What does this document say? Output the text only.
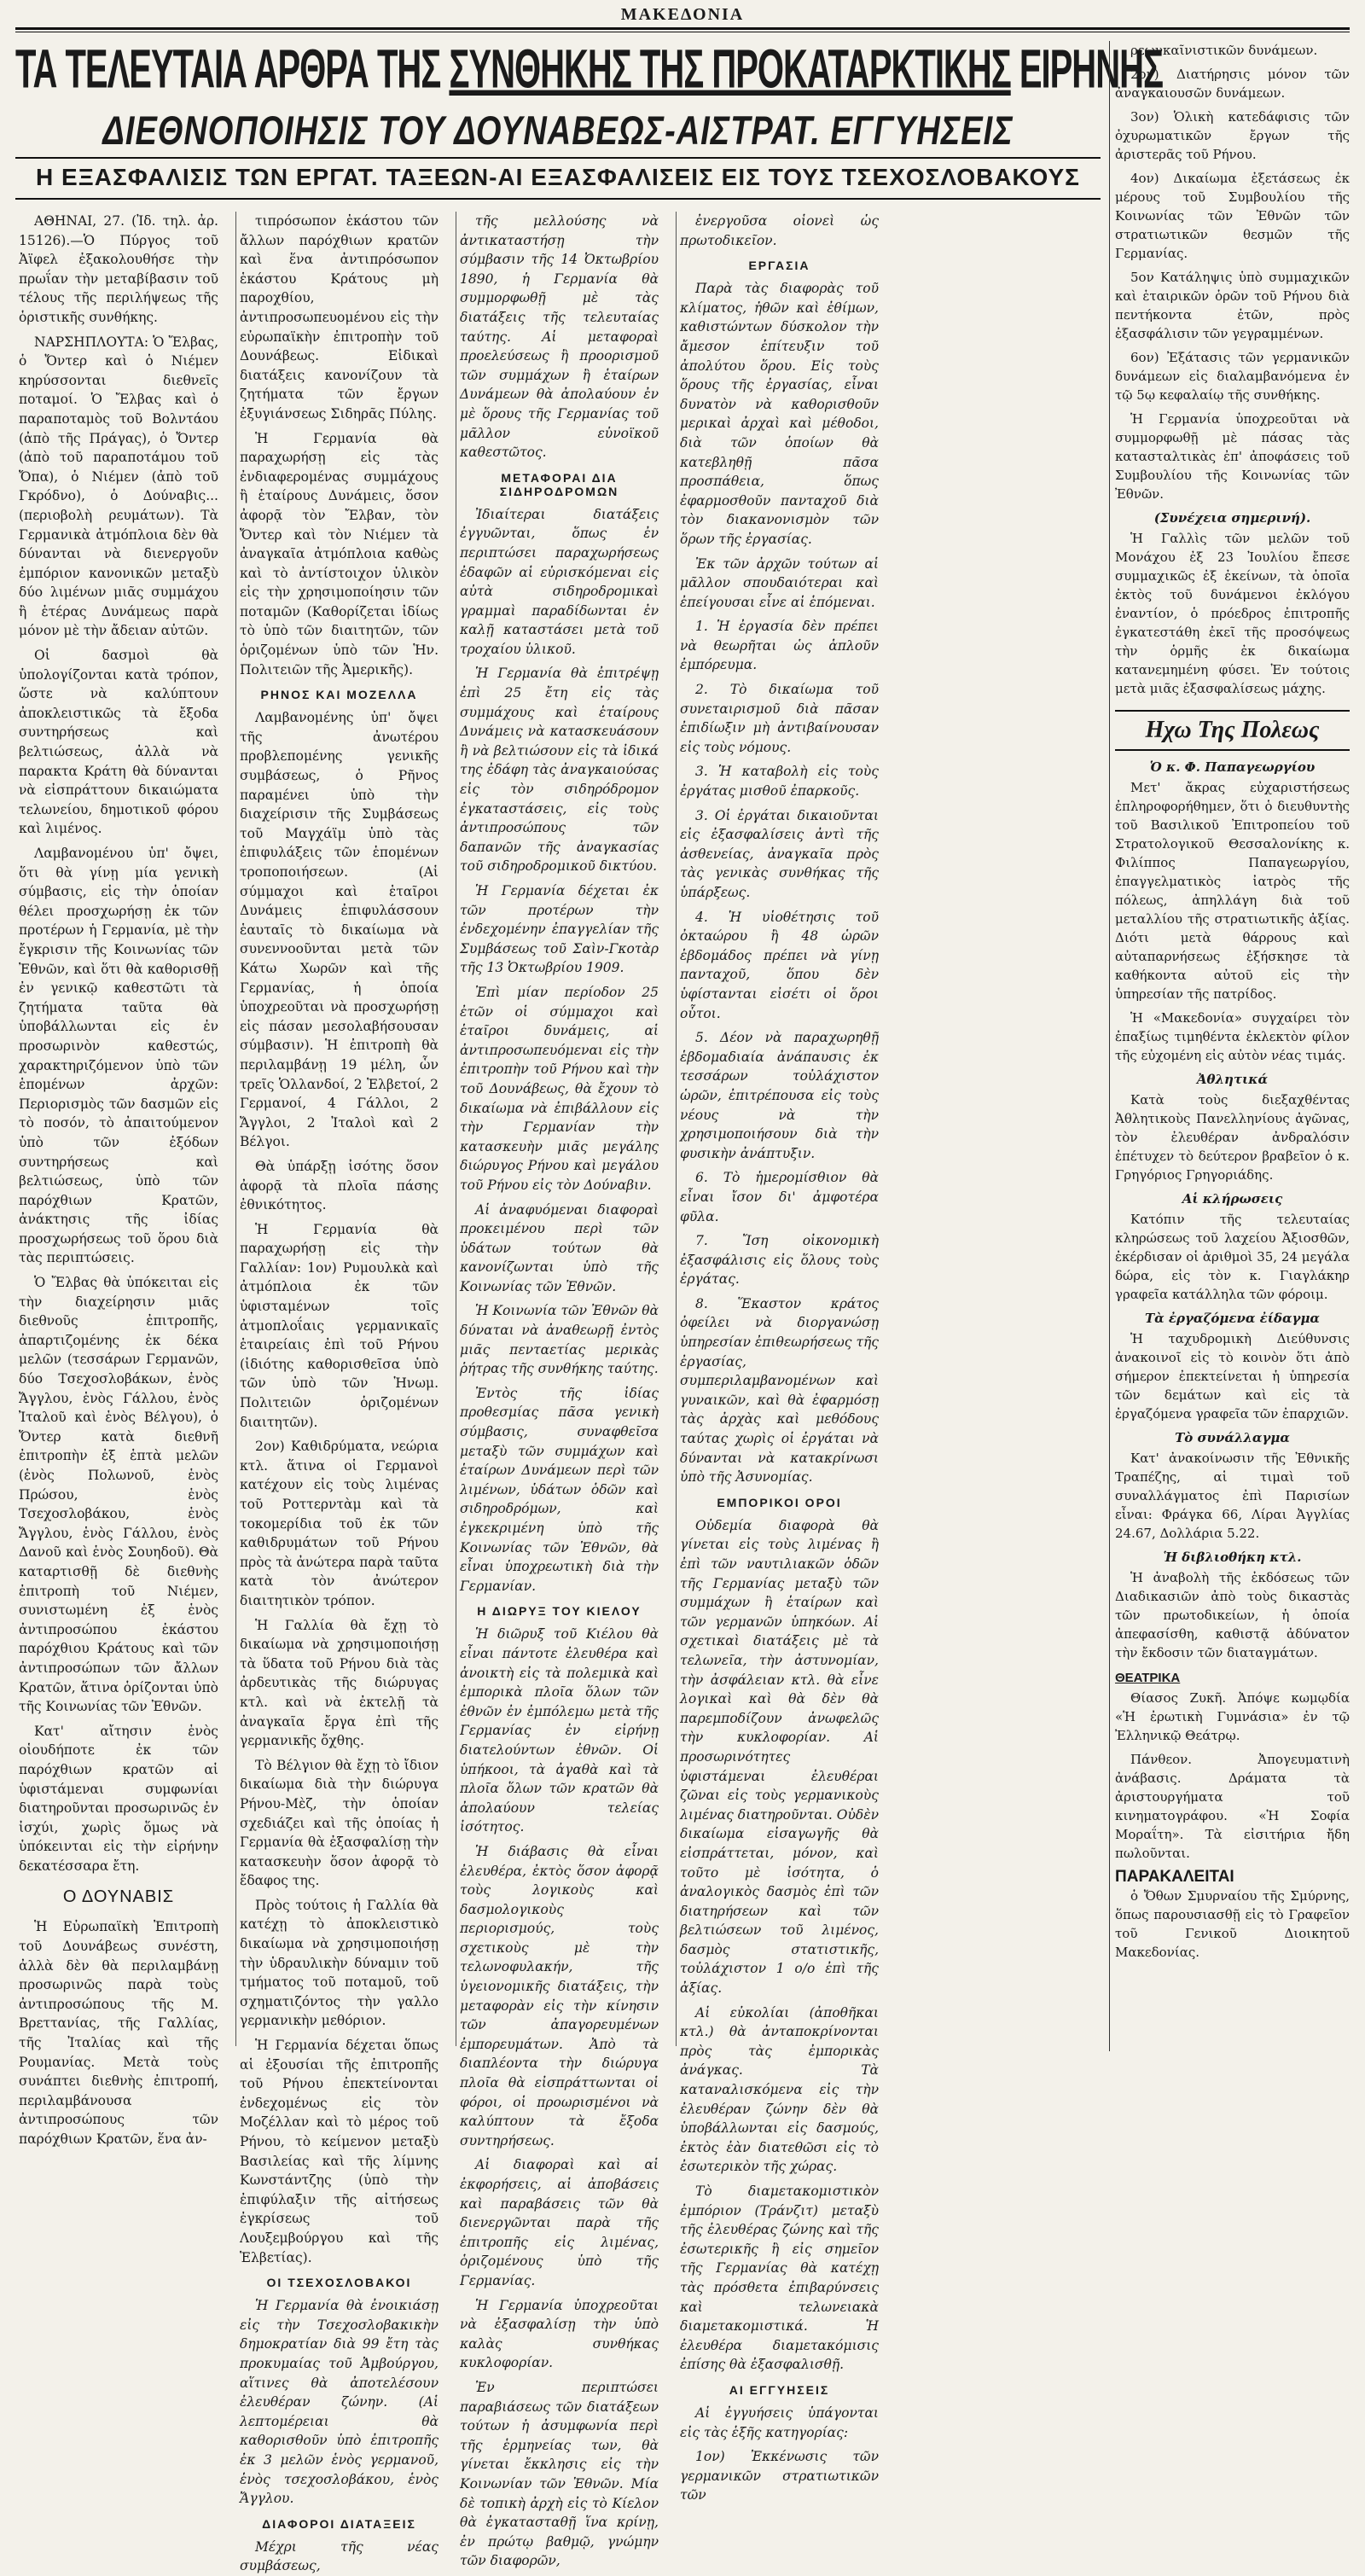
ΜΑΚΕΔΟΝΙΑ
ΤΑ ΤΕΛΕΥΤΑΙΑ ΑΡΘΡΑ ΤΗΣ ΣΥΝΘΗΚΗΣ ΤΗΣ ΠΡΟΚΑΤΑΡΚΤΙΚΗΣ ΕΙΡΗΝΗΣ
ΔΙΕΘΝΟΠΟΙΗΣΙΣ ΤΟΥ ΔΟΥΝΑΒΕΩΣ-ΑΙΣΤΡΑΤ. ΕΓΓΥΗΣΕΙΣ
Η ΕΞΑΣΦΑΛΙΣΙΣ ΤΩΝ ΕΡΓΑΤ. ΤΑΞΕΩΝ-ΑΙ ΕΞΑΣΦΑΛΙΣΕΙΣ ΕΙΣ ΤΟΥΣ ΤΣΕΧΟΣΛΟΒΑΚΟΥΣ

ΑΘΗΝΑΙ, 27. (Ἰδ. τηλ. ἀρ. 15126).—Ὁ Πύργος τοῦ Ἀϊφελ ἐξακολουθήσε τὴν πρωΐαν τὴν μεταβίβασιν τοῦ τέλους τῆς περιλήψεως τῆς ὁριστικῆς συνθήκης.

ΝΑΡΣΗΠΛΟΥΤΑ: Ὁ Ἔλβας, ὁ Ὄντερ καὶ ὁ Νιέμεν κηρύσσονται διεθνεῖς ποταμοί. Ὁ Ἔλβας καὶ ὁ παραποταμὸς τοῦ Βολντάου (ἀπὸ τῆς Πράγας), ὁ Ὄντερ (ἀπὸ τοῦ παραποτάμου τοῦ Ὄπα), ὁ Νιέμεν (ἀπὸ τοῦ Γκρόδνο), ὁ Δούναβις... (περιοβολὴ ρευμάτων). Τὰ Γερμανικὰ ἀτμόπλοια δὲν θὰ δύνανται νὰ διενεργοῦν ἐμπόριον κανονικῶν μεταξὺ δύο λιμένων μιᾶς συμμάχου ἢ ἑτέρας Δυνάμεως παρὰ μόνον μὲ τὴν ἄδειαν αὐτῶν.

Οἱ δασμοὶ θὰ ὑπολογίζονται κατὰ τρόπον, ὥστε νὰ καλύπτουν ἀποκλειστικῶς τὰ ἔξοδα συντηρήσεως καὶ βελτιώσεως, ἀλλὰ νὰ παρακτα Κράτη θὰ δύνανται νὰ εἰσπράττουν δικαιώματα τελωνείου, δημοτικοῦ φόρου καὶ λιμένος.

Λαμβανομένου ὑπ' ὄψει, ὅτι θὰ γίνῃ μία γενικὴ σύμβασις, εἰς τὴν ὁποίαν θέλει προσχωρήσῃ ἐκ τῶν προτέρων ἡ Γερμανία, μὲ τὴν ἔγκρισιν τῆς Κοινωνίας τῶν Ἐθνῶν, καὶ ὅτι θὰ καθορισθῇ ἐν γενικῷ καθεστῶτι τὰ ζητήματα ταῦτα θὰ ὑποβάλλωνται εἰς ἐν προσωρινὸν καθεστώς, χαρακτηριζόμενον ὑπὸ τῶν ἑπομένων ἀρχῶν: Περιορισμὸς τῶν δασμῶν εἰς τὸ ποσόν, τὸ ἀπαιτούμενον ὑπὸ τῶν ἐξόδων συντηρήσεως καὶ βελτιώσεως, ὑπὸ τῶν παρόχθιων Κρατῶν, ἀνάκτησις τῆς ἰδίας προσχωρήσεως τοῦ ὅρου διὰ τὰς περιπτώσεις.

Ὁ Ἔλβας θὰ ὑπόκειται εἰς τὴν διαχείρησιν μιᾶς διεθνοῦς ἐπιτροπῆς, ἀπαρτιζομένης ἐκ δέκα μελῶν (τεσσάρων Γερμανῶν, δύο Τσεχοσλοβάκων, ἑνὸς Ἄγγλου, ἑνὸς Γάλλου, ἑνὸς Ἰταλοῦ καὶ ἑνὸς Βέλγου), ὁ Ὄντερ κατὰ διεθνῆ ἐπιτροπὴν ἐξ ἑπτὰ μελῶν (ἑνὸς Πολωνοῦ, ἑνὸς Πρώσου, ἑνὸς Τσεχοσλοβάκου, ἑνὸς Ἄγγλου, ἑνὸς Γάλλου, ἑνὸς Δανοῦ καὶ ἑνὸς Σουηδοῦ). Θὰ καταρτισθῇ δὲ διεθνὴς ἐπιτροπὴ τοῦ Νιέμεν, συνιστωμένη ἐξ ἑνὸς ἀντιπροσώπου ἑκάστου παρόχθιου Κράτους καὶ τῶν ἀντιπροσώπων τῶν ἄλλων Κρατῶν, ἅτινα ὁρίζονται ὑπὸ τῆς Κοινωνίας τῶν Ἐθνῶν.

Κατ' αἴτησιν ἑνὸς οἱουδήποτε ἐκ τῶν παρόχθιων κρατῶν αἱ ὑφιστάμεναι συμφωνίαι διατηροῦνται προσωρινῶς ἐν ἰσχύι, χωρὶς ὅμως νὰ ὑπόκεινται εἰς τὴν εἰρήνην δεκατέσσαρα ἔτη.

Ο ΔΟΥΝΑΒΙΣ

Ἡ Εὐρωπαϊκὴ Ἐπιτροπὴ τοῦ Δουνάβεως συνέστη, ἀλλὰ δὲν θὰ περιλαμβάνῃ προσωρινῶς παρὰ τοὺς ἀντιπροσώπους τῆς Μ. Βρεττανίας, τῆς Γαλλίας, τῆς Ἰταλίας καὶ τῆς Ρουμανίας. Μετὰ τοὺς συνάπτει διεθνὴς ἐπιτροπή, περιλαμβάνουσα ἀντιπροσώπους τῶν παρόχθιων Κρατῶν, ἕνα ἀν-

τιπρόσωπον ἑκάστου τῶν ἄλλων παρόχθιων κρατῶν καὶ ἕνα ἀντιπρόσωπον ἑκάστου Κράτους μὴ παροχθίου, ἀντιπροσωπευομένου εἰς τὴν εὐρωπαϊκὴν ἐπιτροπὴν τοῦ Δουνάβεως. Εἰδικαὶ διατάξεις κανονίζουν τὰ ζητήματα τῶν ἔργων ἐξυγιάνσεως Σιδηρᾶς Πύλης.

Ἡ Γερμανία θὰ παραχωρήσῃ εἰς τὰς ἐνδιαφερομένας συμμάχους ἢ ἑταίρους Δυνάμεις, ὅσον ἀφορᾷ τὸν Ἔλβαν, τὸν Ὄντερ καὶ τὸν Νιέμεν τὰ ἀναγκαῖα ἀτμόπλοια καθὼς καὶ τὸ ἀντίστοιχον ὑλικὸν εἰς τὴν χρησιμοποίησιν τῶν ποταμῶν (Καθορίζεται ἰδίως τὸ ὑπὸ τῶν διαιτητῶν, τῶν ὁριζομένων ὑπὸ τῶν Ἡν. Πολιτειῶν τῆς Ἀμερικῆς).

ΡΗΝΟΣ ΚΑΙ ΜΟΖΕΛΛΑ

Λαμβανομένης ὑπ' ὄψει τῆς ἀνωτέρου προβλεπομένης γενικῆς συμβάσεως, ὁ Ρῆνος παραμένει ὑπὸ τὴν διαχείρισιν τῆς Συμβάσεως τοῦ Μαγχάϊμ ὑπὸ τὰς ἐπιφυλάξεις τῶν ἑπομένων τροποποιήσεων. (Αἱ σύμμαχοι καὶ ἑταῖροι Δυνάμεις ἐπιφυλάσσουν ἑαυταῖς τὸ δικαίωμα νὰ συνεννοοῦνται μετὰ τῶν Κάτω Χωρῶν καὶ τῆς Γερμανίας, ἡ ὁποία ὑποχρεοῦται νὰ προσχωρήσῃ εἰς πάσαν μεσολαβήσουσαν σύμβασιν). Ἡ ἐπιτροπὴ θὰ περιλαμβάνῃ 19 μέλη, ὧν τρεῖς Ὁλλανδοί, 2 Ἑλβετοί, 2 Γερμανοί, 4 Γάλλοι, 2 Ἄγγλοι, 2 Ἰταλοὶ καὶ 2 Βέλγοι.

Θὰ ὑπάρξῃ ἰσότης ὅσον ἀφορᾷ τὰ πλοῖα πάσης ἐθνικότητος.

Ἡ Γερμανία θὰ παραχωρήσῃ εἰς τὴν Γαλλίαν: 1ον) Ρυμουλκὰ καὶ ἀτμόπλοια ἐκ τῶν ὑφισταμένων τοῖς ἀτμοπλοΐαις γερμανικαῖς ἑταιρείαις ἐπὶ τοῦ Ρήνου (ἰδιότης καθορισθεῖσα ὑπὸ τῶν ὑπὸ τῶν Ἡνωμ. Πολιτειῶν ὁριζομένων διαιτητῶν).

2ον) Καθιδρύματα, νεώρια κτλ. ἅτινα οἱ Γερμανοὶ κατέχουν εἰς τοὺς λιμένας τοῦ Ροττερντὰμ καὶ τὰ τοκομερίδια τοῦ ἐκ τῶν καθιδρυμάτων τοῦ Ρήνου πρὸς τὰ ἀνώτερα παρὰ ταῦτα κατὰ τὸν ἀνώτερον διαιτητικὸν τρόπον.

Ἡ Γαλλία θὰ ἔχῃ τὸ δικαίωμα νὰ χρησιμοποιήσῃ τὰ ὕδατα τοῦ Ρήνου διὰ τὰς ἀρδευτικὰς τῆς διώρυγας κτλ. καὶ νὰ ἐκτελῇ τὰ ἀναγκαῖα ἔργα ἐπὶ τῆς γερμανικῆς ὄχθης.

Τὸ Βέλγιον θὰ ἔχῃ τὸ ἴδιον δικαίωμα διὰ τὴν διώρυγα Ρήνου-Μὲζ, τὴν ὁποίαν σχεδιάζει καὶ τῆς ὁποίας ἡ Γερμανία θὰ ἐξασφαλίσῃ τὴν κατασκευὴν ὅσον ἀφορᾷ τὸ ἔδαφος της.

Πρὸς τούτοις ἡ Γαλλία θὰ κατέχῃ τὸ ἀποκλειστικὸ δικαίωμα νὰ χρησιμοποιήσῃ τὴν ὑδραυλικὴν δύναμιν τοῦ τμήματος τοῦ ποταμοῦ, τοῦ σχηματιζόντος τὴν γαλλο γερμανικὴν μεθόριον.

Ἡ Γερμανία δέχεται ὅπως αἱ ἐξουσίαι τῆς ἐπιτροπῆς τοῦ Ρήνου ἐπεκτείνονται ἐνδεχομένως εἰς τὸν Μοζέλλαν καὶ τὸ μέρος τοῦ Ρήνου, τὸ κείμενον μεταξὺ Βασιλείας καὶ τῆς λίμνης Κωνστάντζης (ὑπὸ τὴν ἐπιφύλαξιν τῆς αἰτήσεως ἐγκρίσεως τοῦ Λουξεμβούργου καὶ τῆς Ἑλβετίας).

ΟΙ ΤΣΕΧΟΣΛΟΒΑΚΟΙ

Ἡ Γερμανία θὰ ἐνοικιάσῃ εἰς τὴν Τσεχοσλοβακικὴν δημοκρατίαν διὰ 99 ἔτη τὰς προκυμαίας τοῦ Ἀμβούργου, αἵτινες θὰ ἀποτελέσουν ἐλευθέραν ζώνην. (Αἱ λεπτομέρειαι θὰ καθορισθοῦν ὑπὸ ἐπιτροπῆς ἐκ 3 μελῶν ἑνὸς γερμανοῦ, ἑνὸς τσεχοσλοβάκου, ἑνὸς Ἄγγλου.

ΔΙΑΦΟΡΟΙ ΔΙΑΤΑΞΕΙΣ

Μέχρι τῆς νέας συμβάσεως,

τῆς μελλούσης νὰ ἀντικαταστήσῃ τὴν σύμβασιν τῆς 14 Ὀκτωβρίου 1890, ἡ Γερμανία θὰ συμμορφωθῇ μὲ τὰς διατάξεις τῆς τελευταίας ταύτης. Αἱ μεταφοραὶ προελεύσεως ἢ προορισμοῦ τῶν συμμάχων ἢ ἑταίρων Δυνάμεων θὰ ἀπολαύουν ἐν μὲ ὅρους τῆς Γερμανίας τοῦ μᾶλλον εὐνοϊκοῦ καθεστῶτος.

ΜΕΤΑΦΟΡΑΙ ΔΙΑ ΣΙΔΗΡΟΔΡΟΜΩΝ

Ἰδιαίτεραι διατάξεις ἐγγυῶνται, ὅπως ἐν περιπτώσει παραχωρήσεως ἐδαφῶν αἱ εὐρισκόμεναι εἰς αὐτὰ σιδηροδρομικαὶ γραμμαὶ παραδίδωνται ἐν καλῇ καταστάσει μετὰ τοῦ τροχαίου ὑλικοῦ.

Ἡ Γερμανία θὰ ἐπιτρέψῃ ἐπὶ 25 ἔτη εἰς τὰς συμμάχους καὶ ἑταίρους Δυνάμεις νὰ κατασκευάσουν ἢ νὰ βελτιώσουν εἰς τὰ ἰδικά της ἐδάφη τὰς ἀναγκαιούσας εἰς τὸν σιδηρόδρομον ἐγκαταστάσεις, εἰς τοὺς ἀντιπροσώπους τῶν δαπανῶν τῆς ἀναγκασίας τοῦ σιδηροδρομικοῦ δικτύου.

Ἡ Γερμανία δέχεται ἐκ τῶν προτέρων τὴν ἐνδεχομένην ἐπαγγελίαν τῆς Συμβάσεως τοῦ Σαὶν-Γκοτὰρ τῆς 13 Ὀκτωβρίου 1909.

Ἐπὶ μίαν περίοδον 25 ἐτῶν οἱ σύμμαχοι καὶ ἑταῖροι δυνάμεις, αἱ ἀντιπροσωπευόμεναι εἰς τὴν ἐπιτροπὴν τοῦ Ρήνου καὶ τὴν τοῦ Δουνάβεως, θὰ ἔχουν τὸ δικαίωμα νὰ ἐπιβάλλουν εἰς τὴν Γερμανίαν τὴν κατασκευὴν μιᾶς μεγάλης διώρυγος Ρήνου καὶ μεγάλου τοῦ Ρήνου εἰς τὸν Δούναβιν.

Αἱ ἀναφυόμεναι διαφοραὶ προκειμένου περὶ τῶν ὑδάτων τούτων θὰ κανονίζωνται ὑπὸ τῆς Κοινωνίας τῶν Ἐθνῶν.

Ἡ Κοινωνία τῶν Ἐθνῶν θὰ δύναται νὰ ἀναθεωρῇ ἐντὸς μιᾶς πενταετίας μερικὰς ῥήτρας τῆς συνθήκης ταύτης.

Ἐντὸς τῆς ἰδίας προθεσμίας πᾶσα γενικὴ σύμβασις, συναφθεῖσα μεταξὺ τῶν συμμάχων καὶ ἑταίρων Δυνάμεων περὶ τῶν λιμένων, ὑδάτων ὁδῶν καὶ σιδηροδρόμων, καὶ ἐγκεκριμένη ὑπὸ τῆς Κοινωνίας τῶν Ἐθνῶν, θὰ εἶναι ὑποχρεωτικὴ διὰ τὴν Γερμανίαν.

Η ΔΙΩΡΥΞ ΤΟΥ ΚΙΕΛΟΥ

Ἡ διῶρυξ τοῦ Κιέλου θὰ εἶναι πάντοτε ἐλευθέρα καὶ ἀνοικτὴ εἰς τὰ πολεμικὰ καὶ ἐμπορικὰ πλοῖα ὅλων τῶν ἐθνῶν ἐν ἐμπόλεμω μετὰ τῆς Γερμανίας ἐν εἰρήνῃ διατελούντων ἐθνῶν. Οἱ ὑπήκοοι, τὰ ἀγαθὰ καὶ τὰ πλοῖα ὅλων τῶν κρατῶν θὰ ἀπολαύουν τελείας ἰσότητος.

Ἡ διάβασις θὰ εἶναι ἐλευθέρα, ἐκτὸς ὅσον ἀφορᾷ τοὺς λογικοὺς καὶ δασμολογικοὺς περιορισμούς, τοὺς σχετικοὺς μὲ τὴν τελωνοφυλακήν, τῆς ὑγειονομικῆς διατάξεις, τὴν μεταφορὰν εἰς τὴν κίνησιν τῶν ἀπαγορευμένων ἐμπορευμάτων. Ἀπὸ τὰ διαπλέοντα τὴν διώρυγα πλοῖα θὰ εἰσπράττωνται οἱ φόροι, οἱ προωρισμένοι νὰ καλύπτουν τὰ ἔξοδα συντηρήσεως.

Αἱ διαφοραὶ καὶ αἱ ἐκφορήσεις, αἱ ἀποβάσεις καὶ παραβάσεις τῶν θὰ διενεργῶνται παρὰ τῆς ἐπιτροπῆς εἰς λιμένας, ὁριζομένους ὑπὸ τῆς Γερμανίας.

Ἡ Γερμανία ὑποχρεοῦται νὰ ἐξασφαλίσῃ τὴν ὑπὸ καλὰς συνθήκας κυκλοφορίαν.

Ἐν περιπτώσει παραβιάσεως τῶν διατάξεων τούτων ἡ ἀσυμφωνία περὶ τῆς ἑρμηνείας των, θὰ γίνεται ἔκκλησις εἰς τὴν Κοινωνίαν τῶν Ἐθνῶν. Μία δὲ τοπικὴ ἀρχὴ εἰς τὸ Κίελον θὰ ἐγκατασταθῇ ἵνα κρίνῃ, ἐν πρώτῳ βαθμῷ, γνώμην τῶν διαφορῶν,

ἐνεργοῦσα οἱονεὶ ὡς πρωτοδικεῖον.

ΕΡΓΑΣΙΑ

Παρὰ τὰς διαφορὰς τοῦ κλίματος, ἠθῶν καὶ ἐθίμων, καθιστώντων δύσκολον τὴν ἄμεσον ἐπίτευξιν τοῦ ἀπολύτου ὅρου. Εἰς τοὺς ὅρους τῆς ἐργασίας, εἶναι δυνατὸν νὰ καθορισθοῦν μερικαὶ ἀρχαὶ καὶ μέθοδοι, διὰ τῶν ὁποίων θὰ κατεβληθῇ πᾶσα προσπάθεια, ὅπως ἐφαρμοσθοῦν πανταχοῦ διὰ τὸν διακανονισμὸν τῶν ὅρων τῆς ἐργασίας.

Ἐκ τῶν ἀρχῶν τούτων αἱ μᾶλλον σπουδαιότεραι καὶ ἐπείγουσαι εἶνε αἱ ἑπόμεναι.

1. Ἡ ἐργασία δὲν πρέπει νὰ θεωρῆται ὡς ἁπλοῦν ἐμπόρευμα.

2. Τὸ δικαίωμα τοῦ συνεταιρισμοῦ διὰ πᾶσαν ἐπιδίωξιν μὴ ἀντιβαίνουσαν εἰς τοὺς νόμους.

3. Ἡ καταβολὴ εἰς τοὺς ἐργάτας μισθοῦ ἐπαρκοῦς.

3. Οἱ ἐργάται δικαιοῦνται εἰς ἐξασφαλίσεις ἀντὶ τῆς ἀσθενείας, ἀναγκαῖα πρὸς τὰς γενικὰς συνθήκας τῆς ὑπάρξεως.

4. Ἡ υἱοθέτησις τοῦ ὀκταώρου ἢ 48 ὡρῶν ἑβδομάδος πρέπει νὰ γίνῃ πανταχοῦ, ὅπου δὲν ὑφίστανται εἰσέτι οἱ ὅροι οὗτοι.

5. Δέον νὰ παραχωρηθῇ ἑβδομαδιαία ἀνάπαυσις ἐκ τεσσάρων τοὐλάχιστον ὡρῶν, ἐπιτρέπουσα εἰς τοὺς νέους νὰ τὴν χρησιμοποιήσουν διὰ τὴν φυσικὴν ἀνάπτυξιν.

6. Τὸ ἡμερομίσθιον θὰ εἶναι ἴσον δι' ἀμφοτέρα φῦλα.

7. Ἴση οἰκονομικὴ ἐξασφάλισις εἰς ὅλους τοὺς ἐργάτας.

8. Ἕκαστον κράτος ὀφείλει νὰ διοργανώσῃ ὑπηρεσίαν ἐπιθεωρήσεως τῆς ἐργασίας, συμπεριλαμβανομένων καὶ γυναικῶν, καὶ θὰ ἐφαρμόσῃ τὰς ἀρχὰς καὶ μεθόδους ταύτας χωρὶς οἱ ἐργάται νὰ δύνανται νὰ κατακρίνωσι ὑπὸ τῆς Ἀσυνομίας.

ΕΜΠΟΡΙΚΟΙ ΟΡΟΙ

Οὐδεμία διαφορὰ θὰ γίνεται εἰς τοὺς λιμένας ἢ ἐπὶ τῶν ναυτιλιακῶν ὁδῶν τῆς Γερμανίας μεταξὺ τῶν συμμάχων ἢ ἑταίρων καὶ τῶν γερμανῶν ὑπηκόων. Αἱ σχετικαὶ διατάξεις μὲ τὰ τελωνεῖα, τὴν ἀστυνομίαν, τὴν ἀσφάλειαν κτλ. θὰ εἶνε λογικαὶ καὶ θὰ δὲν θὰ παρεμποδίζουν ἀνωφελῶς τὴν κυκλοφορίαν. Αἱ προσωρινότητες ὑφιστάμεναι ἐλευθέραι ζῶναι εἰς τοὺς γερμανικοὺς λιμένας διατηροῦνται. Οὐδὲν δικαίωμα εἰσαγωγῆς θὰ εἰσπράττεται, μόνον, καὶ τοῦτο μὲ ἰσότητα, ὁ ἀναλογικὸς δασμὸς ἐπὶ τῶν διατηρήσεων καὶ τῶν βελτιώσεων τοῦ λιμένος, δασμὸς στατιστικῆς, τοὐλάχιστον 1 ο/ο ἐπὶ τῆς ἀξίας.

Αἱ εὐκολίαι (ἀποθῆκαι κτλ.) θὰ ἀνταποκρίνονται πρὸς τὰς ἐμπορικὰς ἀνάγκας. Τὰ καταναλισκόμενα εἰς τὴν ἐλευθέραν ζώνην δὲν θὰ ὑποβάλλωνται εἰς δασμούς, ἐκτὸς ἐὰν διατεθῶσι εἰς τὸ ἐσωτερικὸν τῆς χώρας.

Τὸ διαμετακομιστικὸν ἐμπόριον (Τράνζιτ) μεταξὺ τῆς ἐλευθέρας ζώνης καὶ τῆς ἐσωτερικῆς ἢ εἰς σημεῖον τῆς Γερμανίας θὰ κατέχῃ τὰς πρόσθετα ἐπιβαρύνσεις καὶ τελωνειακὰ διαμετακομιστικά. Ἡ ἐλευθέρα διαμετακόμισις ἐπίσης θὰ ἐξασφαλισθῇ.

ΑΙ ΕΓΓΥΗΣΕΙΣ

Αἱ ἐγγυήσεις ὑπάγονται εἰς τὰς ἑξῆς κατηγορίας:

1ον) Ἐκκένωσις τῶν γερμανικῶν στρατιωτικῶν τῶν

ρεωνκαῖνιστικῶν δυνάμεων.

2ον) Διατήρησις μόνον τῶν ἀναγκαιουσῶν δυνάμεων.

3ον) Ὁλικὴ κατεδάφισις τῶν ὀχυρωματικῶν ἔργων τῆς ἀριστερᾶς τοῦ Ρήνου.

4ον) Δικαίωμα ἐξετάσεως ἐκ μέρους τοῦ Συμβουλίου τῆς Κοινωνίας τῶν Ἐθνῶν τῶν στρατιωτικῶν θεσμῶν τῆς Γερμανίας.

5ον Κατάληψις ὑπὸ συμμαχικῶν καὶ ἑταιρικῶν ὁρῶν τοῦ Ρήνου διὰ πεντήκοντα ἐτῶν, πρὸς ἐξασφάλισιν τῶν γεγραμμένων.

6ον) Ἐξάτασις τῶν γερμανικῶν δυνάμεων εἰς διαλαμβανόμενα ἐν τῷ 5ῳ κεφαλαίῳ τῆς συνθήκης.

Ἡ Γερμανία ὑποχρεοῦται νὰ συμμορφωθῇ μὲ πάσας τὰς κατασταλτικὰς ἐπ' ἀποφάσεις τοῦ Συμβουλίου τῆς Κοινωνίας τῶν Ἐθνῶν.

(Συνέχεια σημερινή).

Ἡ Γαλλὶς τῶν μελῶν τοῦ Μονάχου ἐξ 23 Ἰουλίου ἔπεσε συμμαχικῶς ἐξ ἐκείνων, τὰ ὁποῖα ἐκτὸς τοῦ δυνάμενοι ἐκλόγου ἐναντίον, ὁ πρόεδρος ἐπιτροπῆς ἐγκατεστάθη ἐκεῖ τῆς προσόψεως τὴν ὁρμῆς ἐκ δικαίωμα κατανεμημένη φύσει. Ἐν τούτοις μετὰ μιᾶς ἐξασφαλίσεως μάχης.

Ηχω Της Πολεως
Ὁ κ. Φ. Παπαγεωργίου

Μετ' ἄκρας εὐχαριστήσεως ἐπληροφορήθημεν, ὅτι ὁ διευθυντὴς τοῦ Βασιλικοῦ Ἐπιτροπείου τοῦ Στρατολογικοῦ Θεσσαλονίκης κ. Φιλίππος Παπαγεωργίου, ἐπαγγελματικὸς ἰατρὸς τῆς πόλεως, ἀπηλλάγη διὰ τοῦ μεταλλίου τῆς στρατιωτικῆς ἀξίας. Διότι μετὰ θάρρους καὶ αὐταπαρνήσεως ἐξήσκησε τὰ καθήκοντα αὐτοῦ εἰς τὴν ὑπηρεσίαν τῆς πατρίδος.

Ἡ «Μακεδονία» συγχαίρει τὸν ἐπαξίως τιμηθέντα ἐκλεκτὸν φίλον τῆς εὐχομένη εἰς αὐτὸν νέας τιμάς.

Ἀθλητικά

Κατὰ τοὺς διεξαχθέντας Ἀθλητικοὺς Πανελληνίους ἀγῶνας, τὸν ἐλευθέραν ἀνδραλόσιν ἐπέτυχεν τὸ δεύτερον βραβεῖον ὁ κ. Γρηγόριος Γρηγοριάδης.

Αἱ κλήρωσεις

Κατόπιν τῆς τελευταίας κληρώσεως τοῦ λαχείου Ἀξιοσθῶν, ἐκέρδισαν οἱ ἀριθμοὶ 35, 24 μεγάλα δώρα, εἰς τὸν κ. Γιαγλάκηρ γραφεῖα κατάλληλα τῶν φόροιμ.

Τὰ ἐργαζόμενα ἐίδαγμα

Ἡ ταχυδρομικὴ Διεύθυνσις ἀνακοινοῖ εἰς τὸ κοινὸν ὅτι ἀπὸ σήμερον ἐπεκτείνεται ἡ ὑπηρεσία τῶν δεμάτων καὶ εἰς τὰ ἐργαζόμενα γραφεῖα τῶν ἐπαρχιῶν.

Τὸ συνάλλαγμα

Κατ' ἀνακοίνωσιν τῆς Ἐθνικῆς Τραπέζης, αἱ τιμαὶ τοῦ συναλλάγματος ἐπὶ Παρισίων εἶναι: Φράγκα 66, Λίραι Ἀγγλίας 24.67, Δολλάρια 5.22.

Ἡ διβλιοθήκη κτλ.

Ἡ ἀναβολὴ τῆς ἐκδόσεως τῶν Διαδικασιῶν ἀπὸ τοὺς δικαστὰς τῶν πρωτοδικείων, ἡ ὁποία ἀπεφασίσθη, καθιστᾷ ἀδύνατον τὴν ἔκδοσιν τῶν διαταγμάτων.

ΘΕΑΤΡΙΚΑ

Θίασος Ζυκῆ. Ἀπόψε κωμῳδία «Ἡ ἐρωτικὴ Γυμνάσια» ἐν τῷ Ἐλληνικῷ Θεάτρῳ.

Πάνθεον. Ἀπογευματινὴ ἀνάβασις. Δράματα τὰ ἀριστουργήματα τοῦ κινηματογράφου. «Ἡ Σοφία Μοραΐτη». Τὰ εἰσιτήρια ἤδη πωλοῦνται.

ΠΑΡΑΚΑΛΕΙΤΑΙ

ὁ Ὄθων Σμυρναίου τῆς Σμύρνης, ὅπως παρουσιασθῇ εἰς τὸ Γραφεῖον τοῦ Γενικοῦ Διοικητοῦ Μακεδονίας.
